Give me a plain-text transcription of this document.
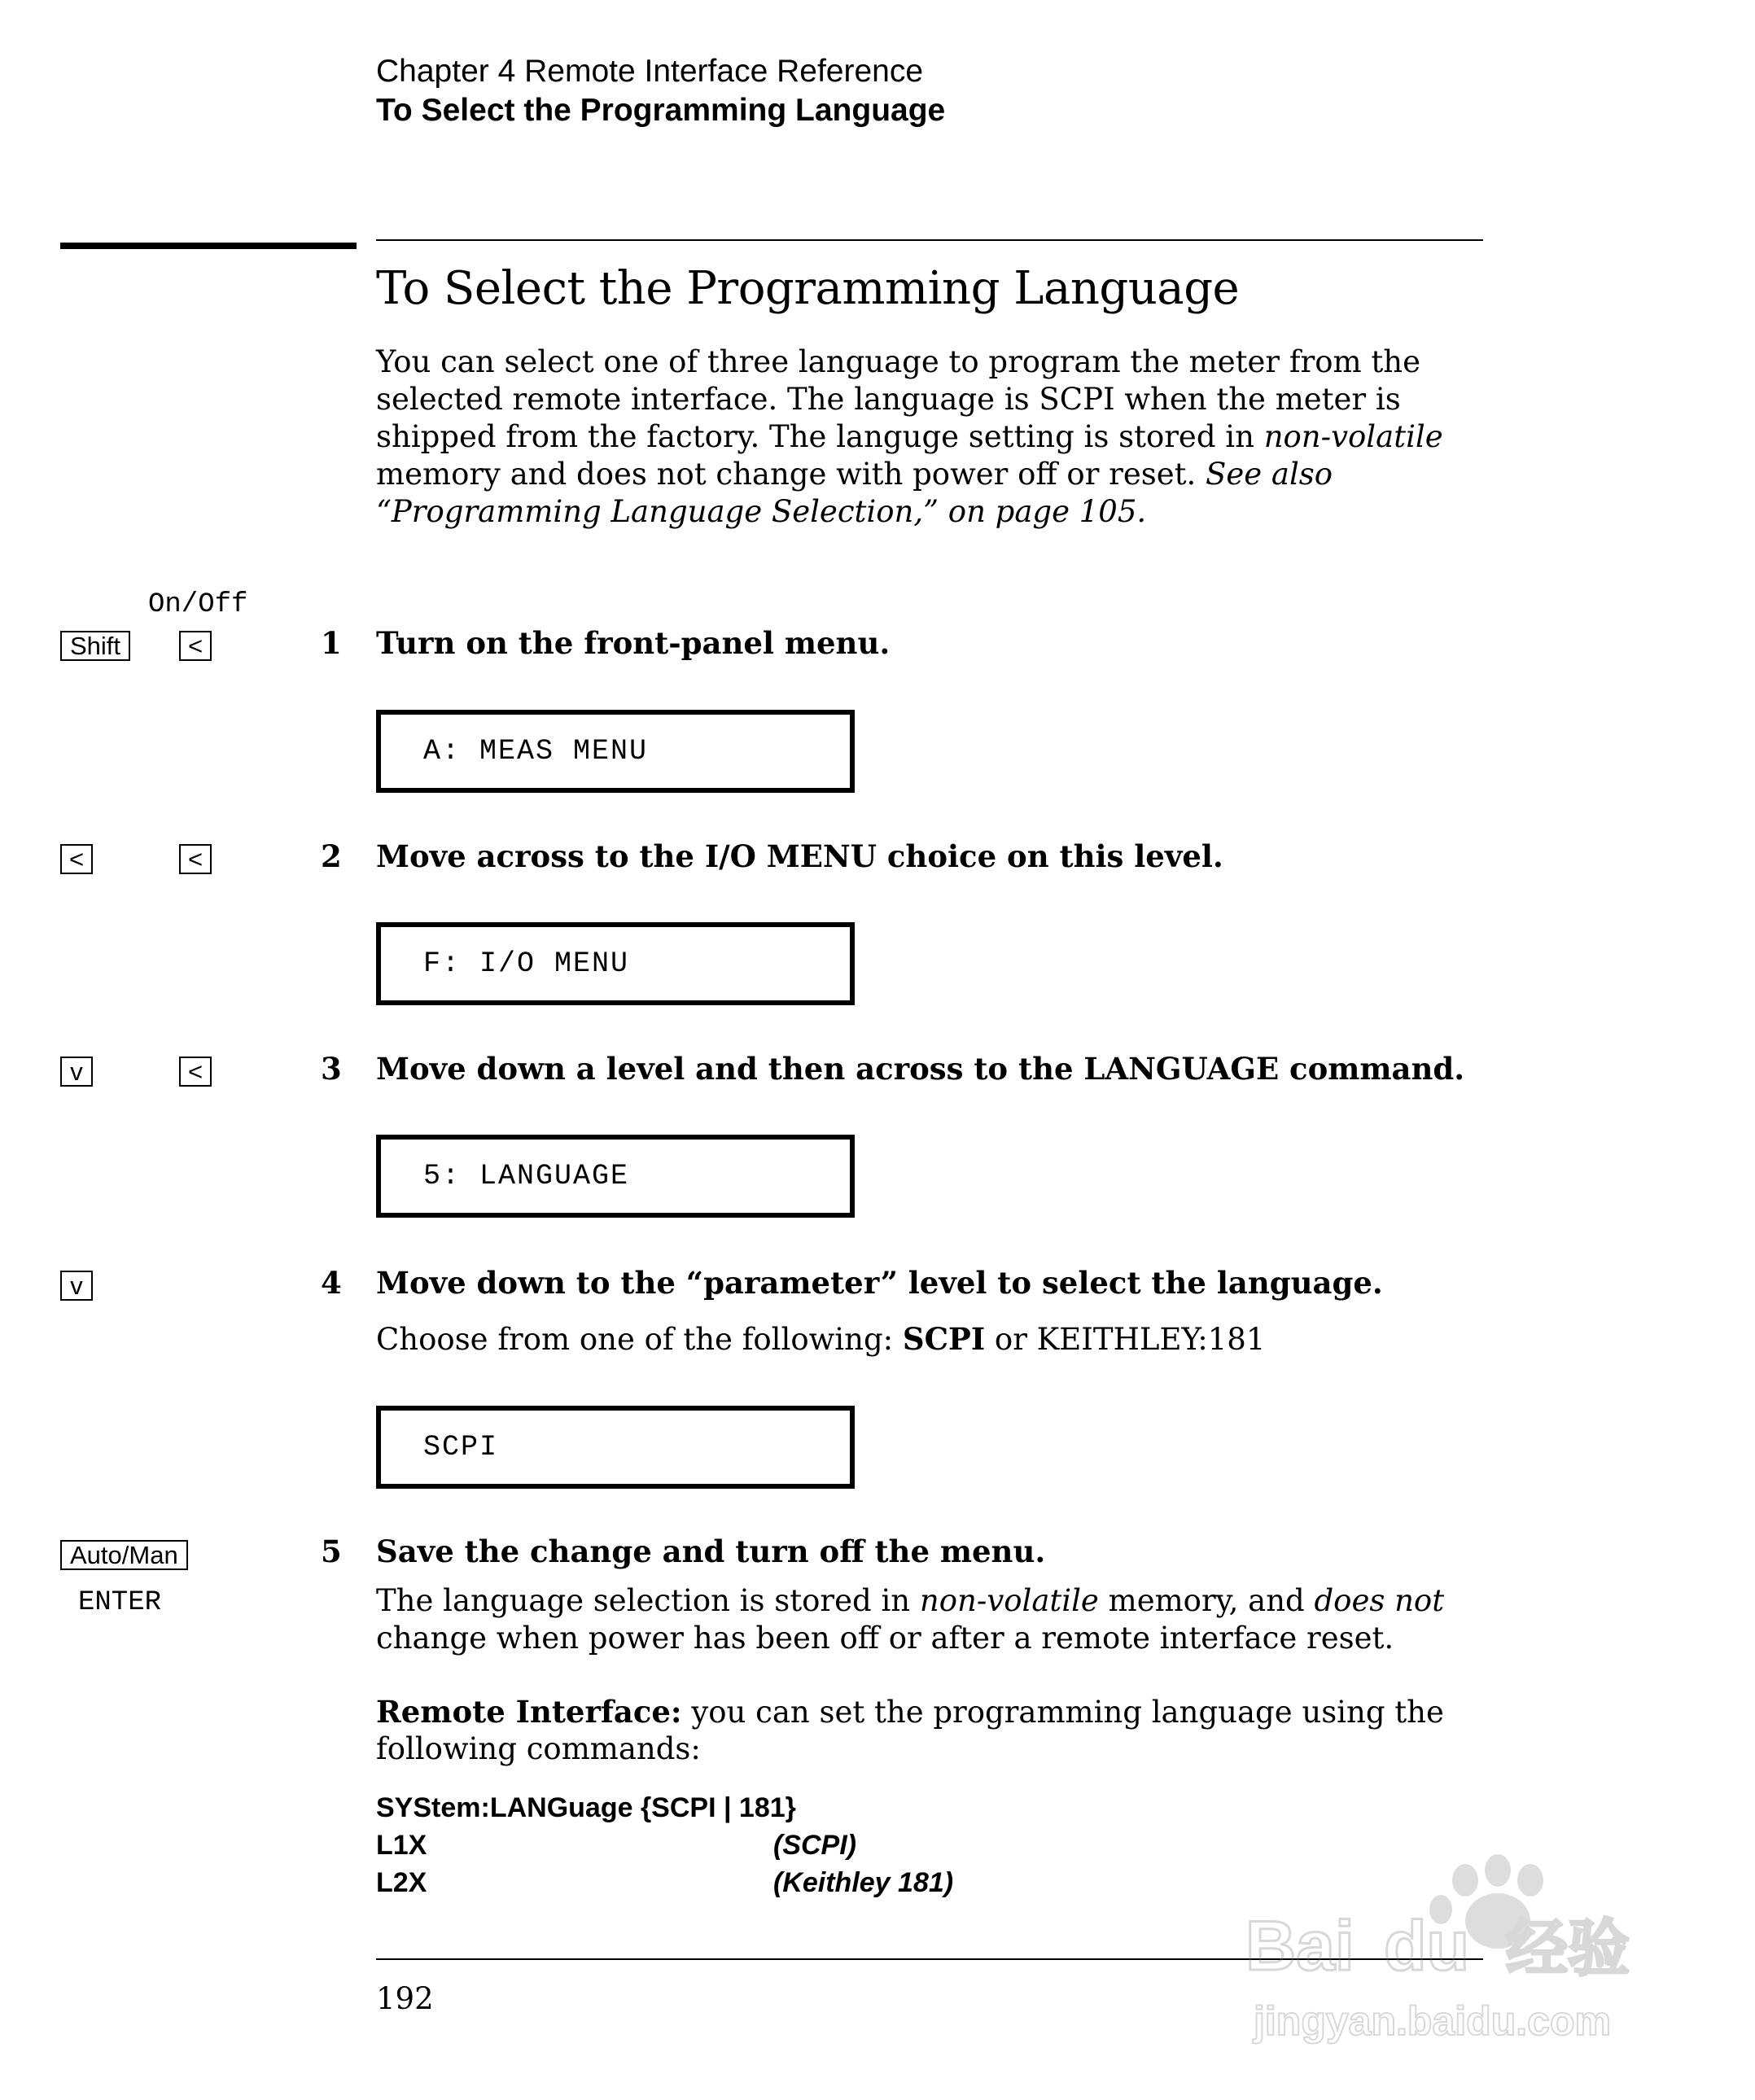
Chapter 4 Remote Interface Reference
To Select the Programming Language
To Select the Programming Language

You can select one of three language to program the meter from the

selected remote interface. The language is SCPI when the meter is

shipped from the factory. The languge setting is stored in non-volatile

memory and does not change with power off or reset. See also

“Programming Language Selection,” on page 105.

On/Off
Shift	<	1 Turn on the front-panel menu.
A: MEAS MENU
<	<	2 Move across to the I/O MENU choice on this level.
F: I/O MENU
v	<	3 Move down a level and then across to the LANGUAGE command.
5: LANGUAGE
v	4 Move down to the “parameter” level to select the language.
Choose from one of the following: SCPI or KEITHLEY:181
SCPI
Auto/Man
ENTER
5 Save the change and turn off the menu.
The language selection is stored in non-volatile memory, and does not
change when power has been off or after a remote interface reset.
Remote Interface: you can set the programming language using the
following commands:
SYStem:LANGuage {SCPI | 181}
L1X	(SCPI)
L2X	(Keithley 181)
192
Bai du 经验
jingyan.baidu.com
